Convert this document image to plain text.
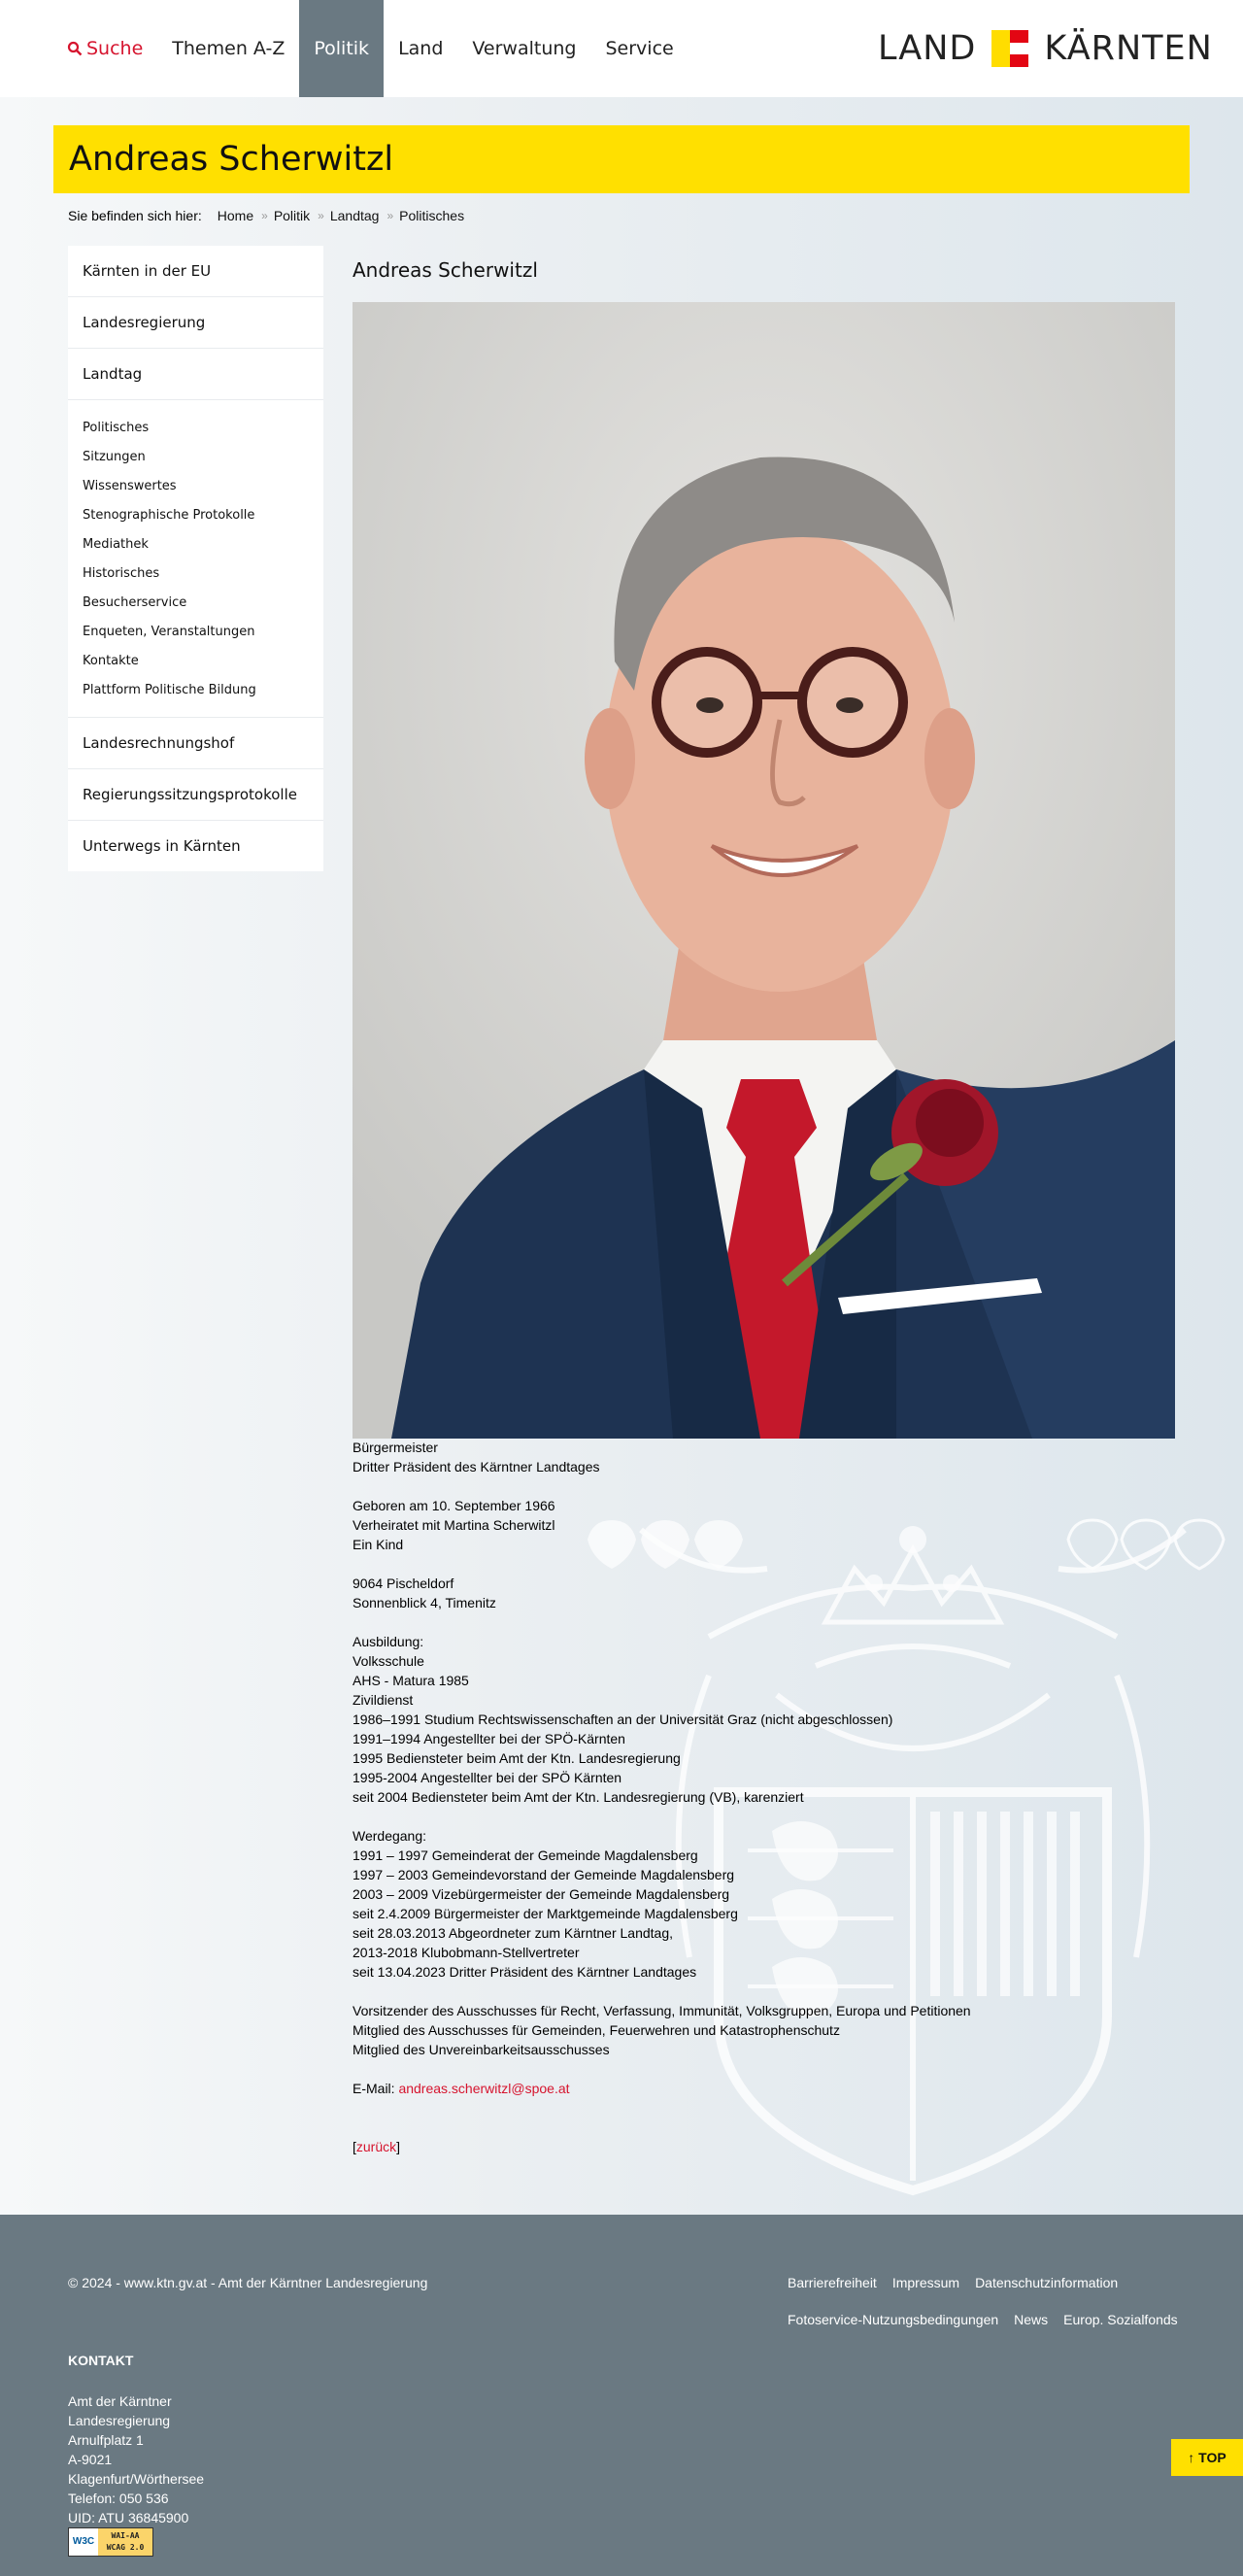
Suche	Themen A-Z	Politik	Land	Verwaltung	Service	LAND KÄRNTEN
Andreas Scherwitzl
Sie befinden sich hier: Home » Politik » Landtag » Politisches
Kärnten in der EU
Landesregierung
Landtag
Politisches
Sitzungen
Wissenswertes
Stenographische Protokolle
Mediathek
Historisches
Besucherservice
Enqueten, Veranstaltungen
Kontakte
Plattform Politische Bildung
Landesrechnungshof
Regierungssitzungsprotokolle
Unterwegs in Kärnten
Andreas Scherwitzl

Bürgermeister
Dritter Präsident des Kärntner Landtages

Geboren am 10. September 1966
Verheiratet mit Martina Scherwitzl
Ein Kind

9064 Pischeldorf
Sonnenblick 4, Timenitz

Ausbildung:
Volksschule
AHS - Matura 1985
Zivildienst
1986–1991 Studium Rechtswissenschaften an der Universität Graz (nicht abgeschlossen)
1991–1994 Angestellter bei der SPÖ-Kärnten
1995 Bediensteter beim Amt der Ktn. Landesregierung
1995-2004 Angestellter bei der SPÖ Kärnten
seit 2004 Bediensteter beim Amt der Ktn. Landesregierung (VB), karenziert

Werdegang:
1991 – 1997 Gemeinderat der Gemeinde Magdalensberg
1997 – 2003 Gemeindevorstand der Gemeinde Magdalensberg
2003 – 2009 Vizebürgermeister der Gemeinde Magdalensberg
seit 2.4.2009 Bürgermeister der Marktgemeinde Magdalensberg
seit 28.03.2013 Abgeordneter zum Kärntner Landtag,
2013-2018 Klubobmann-Stellvertreter
seit 13.04.2023 Dritter Präsident des Kärntner Landtages

Vorsitzender des Ausschusses für Recht, Verfassung, Immunität, Volksgruppen, Europa und Petitionen
Mitglied des Ausschusses für Gemeinden, Feuerwehren und Katastrophenschutz
Mitglied des Unvereinbarkeitsausschusses

E-Mail: andreas.scherwitzl@spoe.at

[zurück]

© 2024 - www.ktn.gv.at - Amt der Kärntner Landesregierung	Barrierefreiheit Impressum Datenschutzinformation
Fotoservice-Nutzungsbedingungen News Europ. Sozialfonds
KONTAKT
Amt der Kärntner
Landesregierung
Arnulfplatz 1
A-9021
Klagenfurt/Wörthersee
Telefon: 050 536
UID: ATU 36845900
W3C
WAI-AA
WCAG 2.0
↑ TOP
